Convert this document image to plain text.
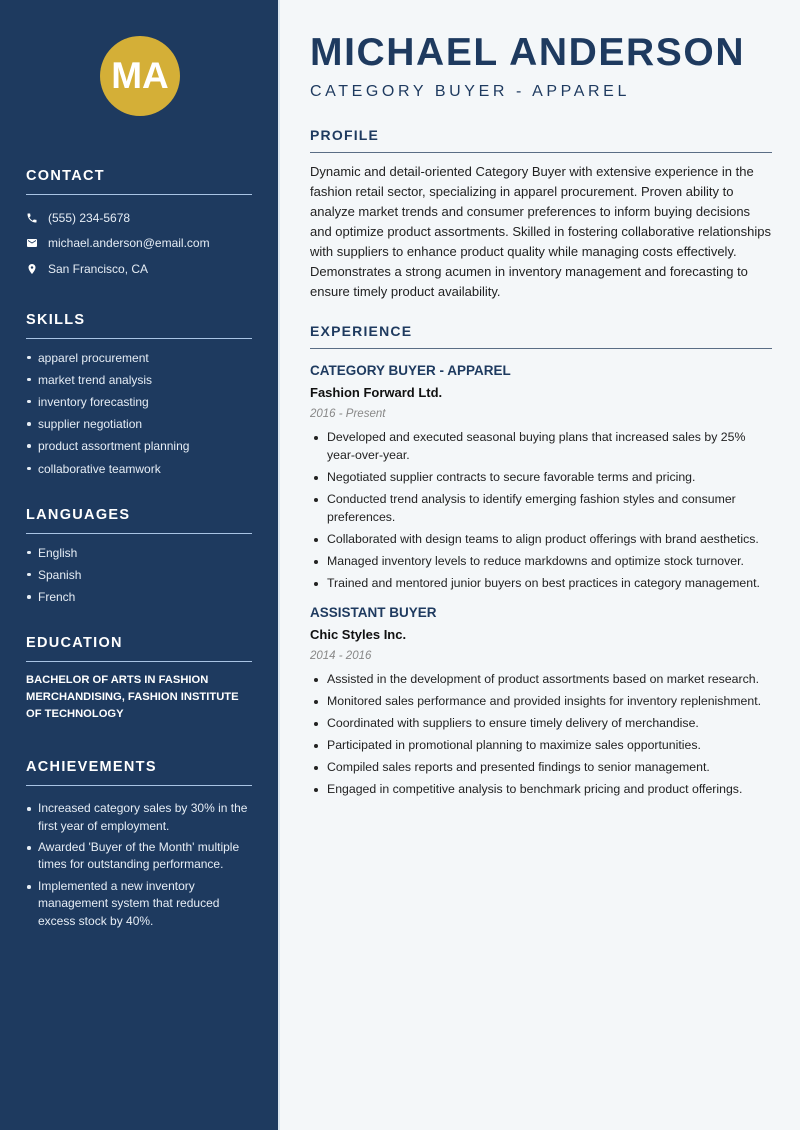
MA
CONTACT
(555) 234-5678
michael.anderson@email.com
San Francisco, CA
SKILLS
apparel procurement
market trend analysis
inventory forecasting
supplier negotiation
product assortment planning
collaborative teamwork
LANGUAGES
English
Spanish
French
EDUCATION

BACHELOR OF ARTS IN FASHION MERCHANDISING, FASHION INSTITUTE OF TECHNOLOGY

ACHIEVEMENTS
Increased category sales by 30% in the first year of employment.
Awarded 'Buyer of the Month' multiple times for outstanding performance.
Implemented a new inventory management system that reduced excess stock by 40%.
MICHAEL ANDERSON
CATEGORY BUYER - APPAREL
PROFILE

Dynamic and detail-oriented Category Buyer with extensive experience in the fashion retail sector, specializing in apparel procurement. Proven ability to analyze market trends and consumer preferences to inform buying decisions and optimize product assortments. Skilled in fostering collaborative relationships with suppliers to enhance product quality while managing costs effectively. Demonstrates a strong acumen in inventory management and forecasting to ensure timely product availability.

EXPERIENCE
CATEGORY BUYER - APPAREL
Fashion Forward Ltd.
2016 - Present
Developed and executed seasonal buying plans that increased sales by 25% year-over-year.
Negotiated supplier contracts to secure favorable terms and pricing.
Conducted trend analysis to identify emerging fashion styles and consumer preferences.
Collaborated with design teams to align product offerings with brand aesthetics.
Managed inventory levels to reduce markdowns and optimize stock turnover.
Trained and mentored junior buyers on best practices in category management.
ASSISTANT BUYER
Chic Styles Inc.
2014 - 2016
Assisted in the development of product assortments based on market research.
Monitored sales performance and provided insights for inventory replenishment.
Coordinated with suppliers to ensure timely delivery of merchandise.
Participated in promotional planning to maximize sales opportunities.
Compiled sales reports and presented findings to senior management.
Engaged in competitive analysis to benchmark pricing and product offerings.
